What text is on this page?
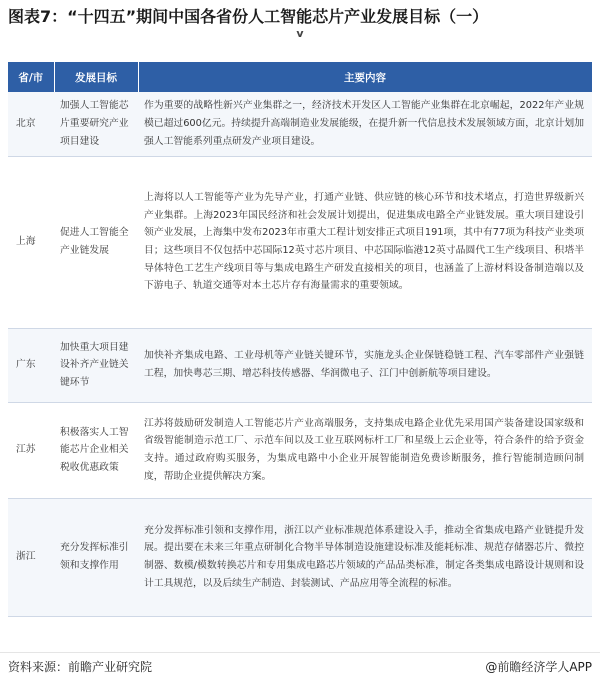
图表7：“十四五”期间中国各省份人工智能芯片产业发展目标（一）
v
省/市	发展目标	主要内容
北京	加强人工智能芯片重要研究产业项目建设	作为重要的战略性新兴产业集群之一，经济技术开发区人工智能产业集群在北京崛起，2022年产业规模已超过600亿元。持续提升高端制造业发展能级，在提升新一代信息技术发展领域方面，北京计划加强人工智能系列重点研发产业项目建设。
上海	促进人工智能全产业链发展	上海将以人工智能等产业为先导产业，打通产业链、供应链的核心环节和技术堵点，打造世界级新兴产业集群。上海2023年国民经济和社会发展计划提出，促进集成电路全产业链发展。重大项目建设引领产业发展，上海集中发布2023年市重大工程计划安排正式项目191项，其中有77项为科技产业类项目；这些项目不仅包括中芯国际12英寸芯片项目、中芯国际临港12英寸晶圆代工生产线项目、积塔半导体特色工艺生产线项目等与集成电路生产研发直接相关的项目，也涵盖了上游材料设备制造端以及下游电子、轨道交通等对本土芯片存有海量需求的重要领域。
广东	加快重大项目建设补齐产业链关键环节	加快补齐集成电路、工业母机等产业链关键环节，实施龙头企业保链稳链工程、汽车零部件产业强链工程，加快粤芯三期、增芯科技传感器、华润微电子、江门中创新航等项目建设。
江苏	积极落实人工智能芯片企业相关税收优惠政策	江苏将鼓励研发制造人工智能芯片产业高端服务，支持集成电路企业优先采用国产装备建设国家级和省级智能制造示范工厂、示范车间以及工业互联网标杆工厂和星级上云企业等，符合条件的给予资金支持。通过政府购买服务，为集成电路中小企业开展智能制造免费诊断服务，推行智能制造顾问制度，帮助企业提供解决方案。
浙江	充分发挥标准引领和支撑作用	充分发挥标准引领和支撑作用，浙江以产业标准规范体系建设入手，推动全省集成电路产业链提升发展。提出要在未来三年重点研制化合物半导体制造设施建设标准及能耗标准、规范存储器芯片、微控制器、数模/模数转换芯片和专用集成电路芯片领域的产品品类标准，制定各类集成电路设计规则和设计工具规范，以及后续生产制造、封装测试、产品应用等全流程的标准。
资料来源：前瞻产业研究院	@前瞻经济学人APP
